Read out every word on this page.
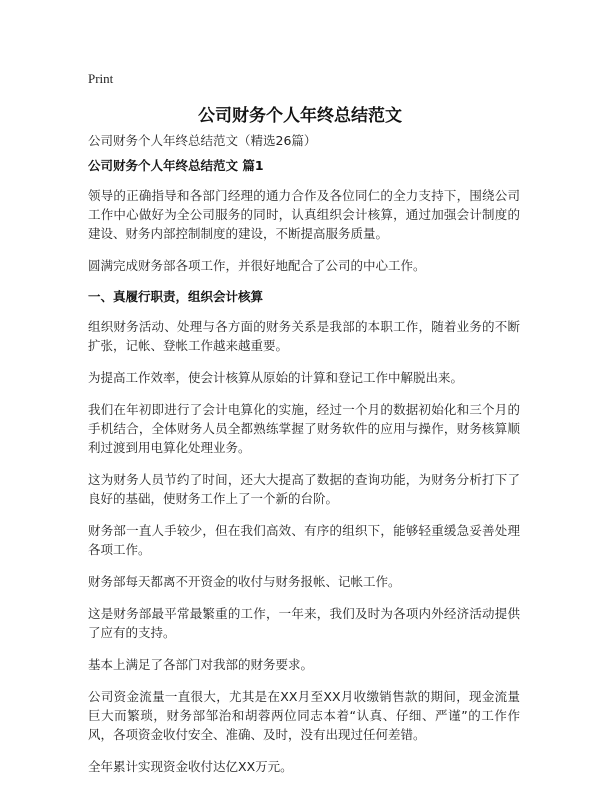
Print
公司财务个人年终总结范文
公司财务个人年终总结范文（精选26篇）
公司财务个人年终总结范文 篇1

领导的正确指导和各部门经理的通力合作及各位同仁的全力支持下，围绕公司工作中心做好为全公司服务的同时，认真组织会计核算，通过加强会计制度的建设、财务内部控制制度的建设，不断提高服务质量。

圆满完成财务部各项工作，并很好地配合了公司的中心工作。

一、真履行职责，组织会计核算

组织财务活动、处理与各方面的财务关系是我部的本职工作，随着业务的不断扩张，记帐、登帐工作越来越重要。

为提高工作效率，使会计核算从原始的计算和登记工作中解脱出来。

我们在年初即进行了会计电算化的实施，经过一个月的数据初始化和三个月的手机结合，全体财务人员全都熟练掌握了财务软件的应用与操作，财务核算顺利过渡到用电算化处理业务。

这为财务人员节约了时间，还大大提高了数据的查询功能，为财务分析打下了良好的基础，使财务工作上了一个新的台阶。

财务部一直人手较少，但在我们高效、有序的组织下，能够轻重缓急妥善处理各项工作。

财务部每天都离不开资金的收付与财务报帐、记帐工作。

这是财务部最平常最繁重的工作，一年来，我们及时为各项内外经济活动提供了应有的支持。

基本上满足了各部门对我部的财务要求。

公司资金流量一直很大，尤其是在XX月至XX月收缴销售款的期间，现金流量巨大而繁琐，财务部邹治和胡蓉两位同志本着“认真、仔细、严谨”的工作作风，各项资金收付安全、准确、及时，没有出现过任何差错。

全年累计实现资金收付达亿XX万元。
